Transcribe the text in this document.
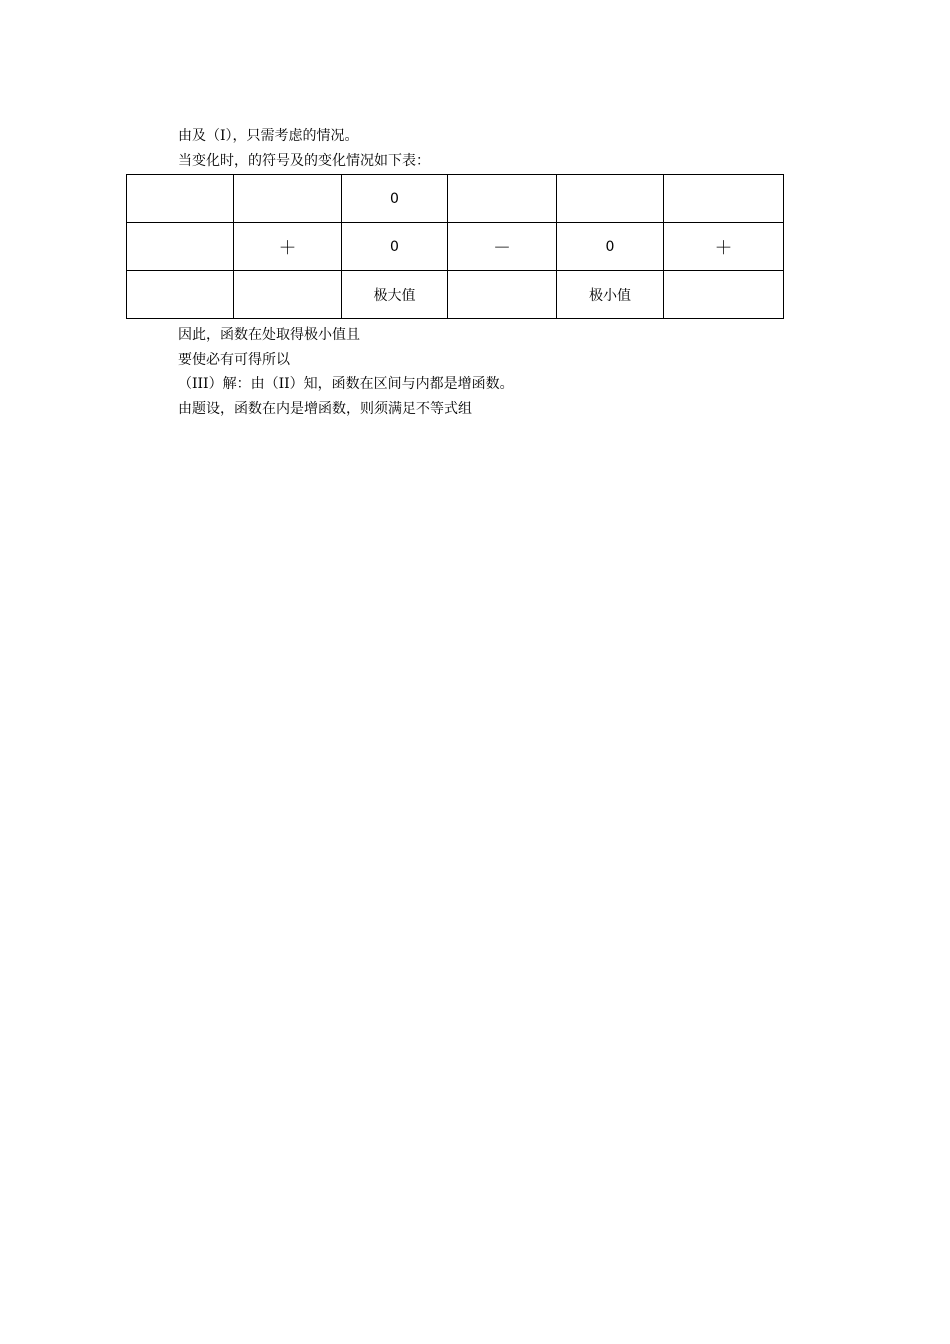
由及（I），只需考虑的情况。
当变化时，的符号及的变化情况如下表：
		0			
	＋	0	－	0	＋
		极大值		极小值	
因此，函数在处取得极小值且
要使必有可得所以
（III）解：由（II）知，函数在区间与内都是增函数。
由题设，函数在内是增函数，则须满足不等式组
